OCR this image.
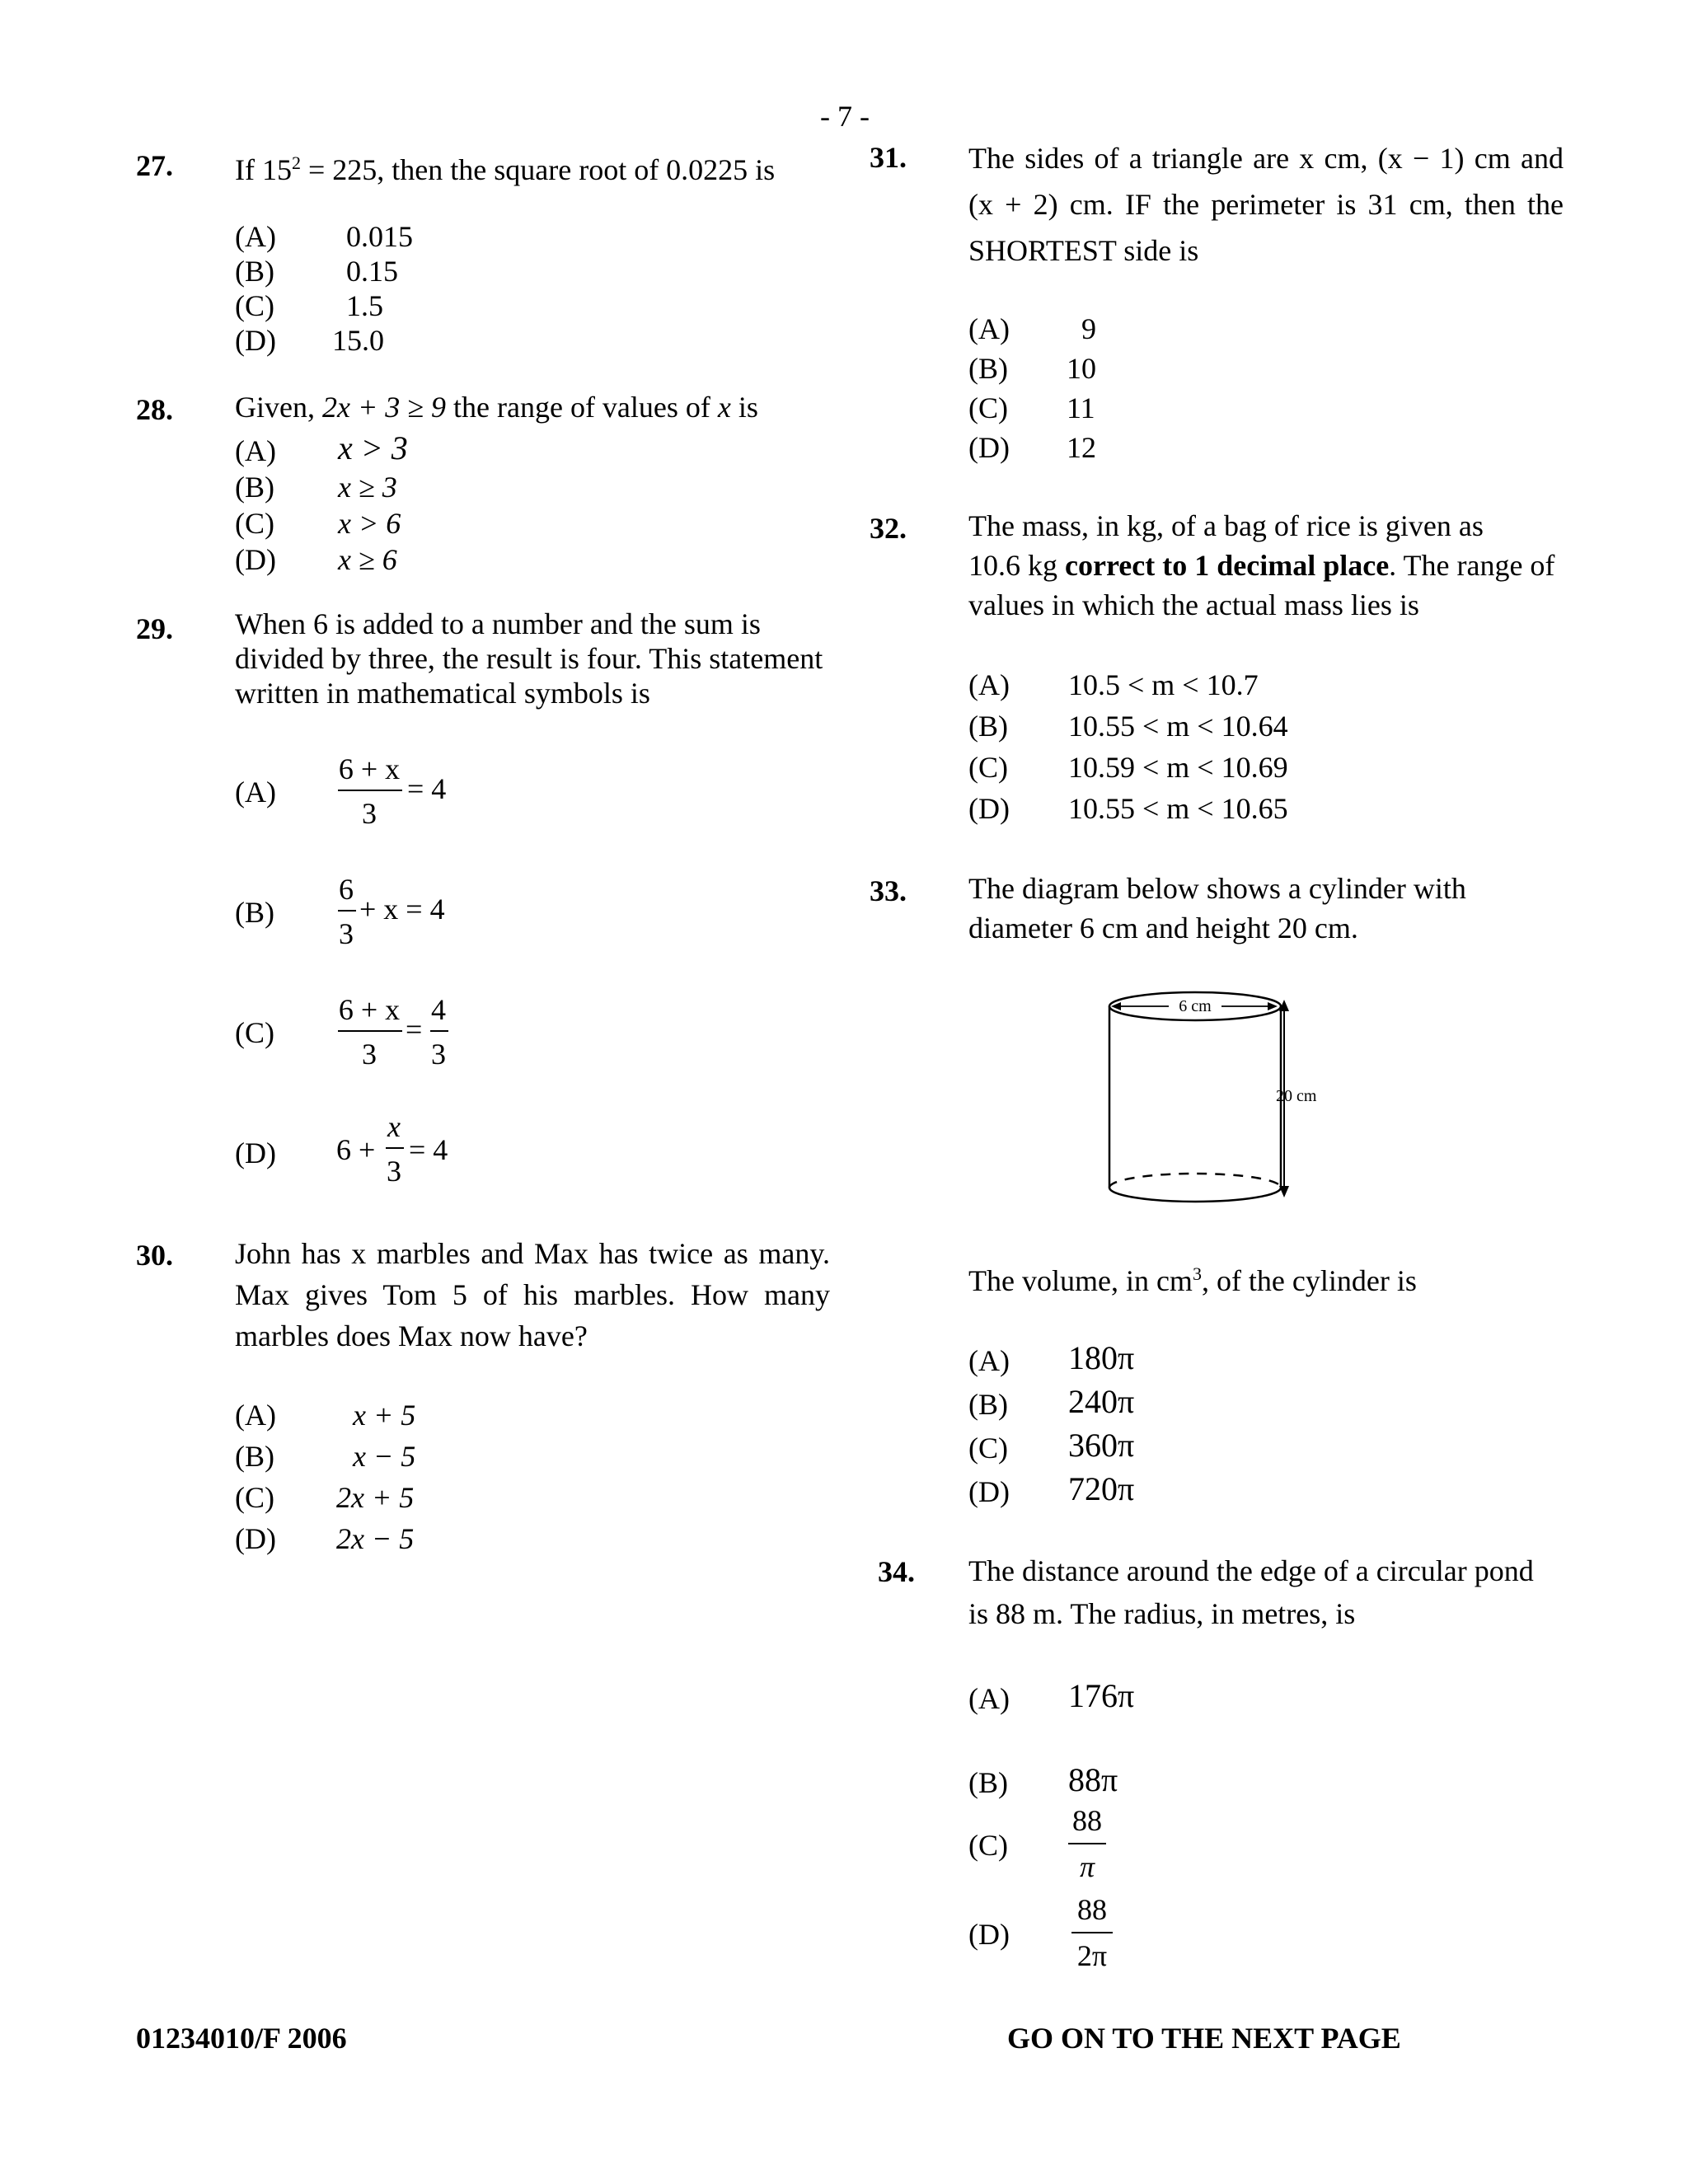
- 7 -
27. If $15^2 = 225$, then the square root of 0.0225 is
(A) 0.015
(B) 0.15
(C) 1.5
(D) 15.0
28. Given, 2x + 3 ≥ 9 the range of values of x is
(A) x > 3
(B) x ≥ 3
(C) x > 6
(D) x ≥ 6
29. When 6 is added to a number and the sum is
divided by three, the result is four. This statement
written in mathematical symbols is
(A)
6 + x
3
= 4
(B)
6
3
+ x = 4
(C)
6 + x
3
=
4
3
(D) 6 +
x
3
= 4
30. John has x marbles and Max has twice as many.
Max gives Tom 5 of his marbles. How many
marbles does Max now have?
(A)	x + 5
(B)	x − 5
(C) 2x + 5
(D) 2x − 5
31. The sides of a triangle are x cm, (x − 1) cm and
(x + 2) cm. IF the perimeter is 31 cm, then the
SHORTEST side is
(A) 9
(B) 10
(C) 11
(D) 12
32. The mass, in kg, of a bag of rice is given as
10.6 kg correct to 1 decimal place. The range of
values in which the actual mass lies is
(A) 10.5 < m < 10.7
(B) 10.55 < m < 10.64
(C) 10.59 < m < 10.69
(D) 10.55 < m < 10.65
33. The diagram below shows a cylinder with
diameter 6 cm and height 20 cm.
6 cm
20 cm
The volume, in $cm^3$, of the cylinder is
(A) 180π
(B) 240π
(C) 360π
(D) 720π
34. The distance around the edge of a circular pond
is 88 m. The radius, in metres, is
(A) 176π
(B) 88π
(C)
88
π
(D)
88
2π
01234010/F 2006	GO ON TO THE NEXT PAGE
